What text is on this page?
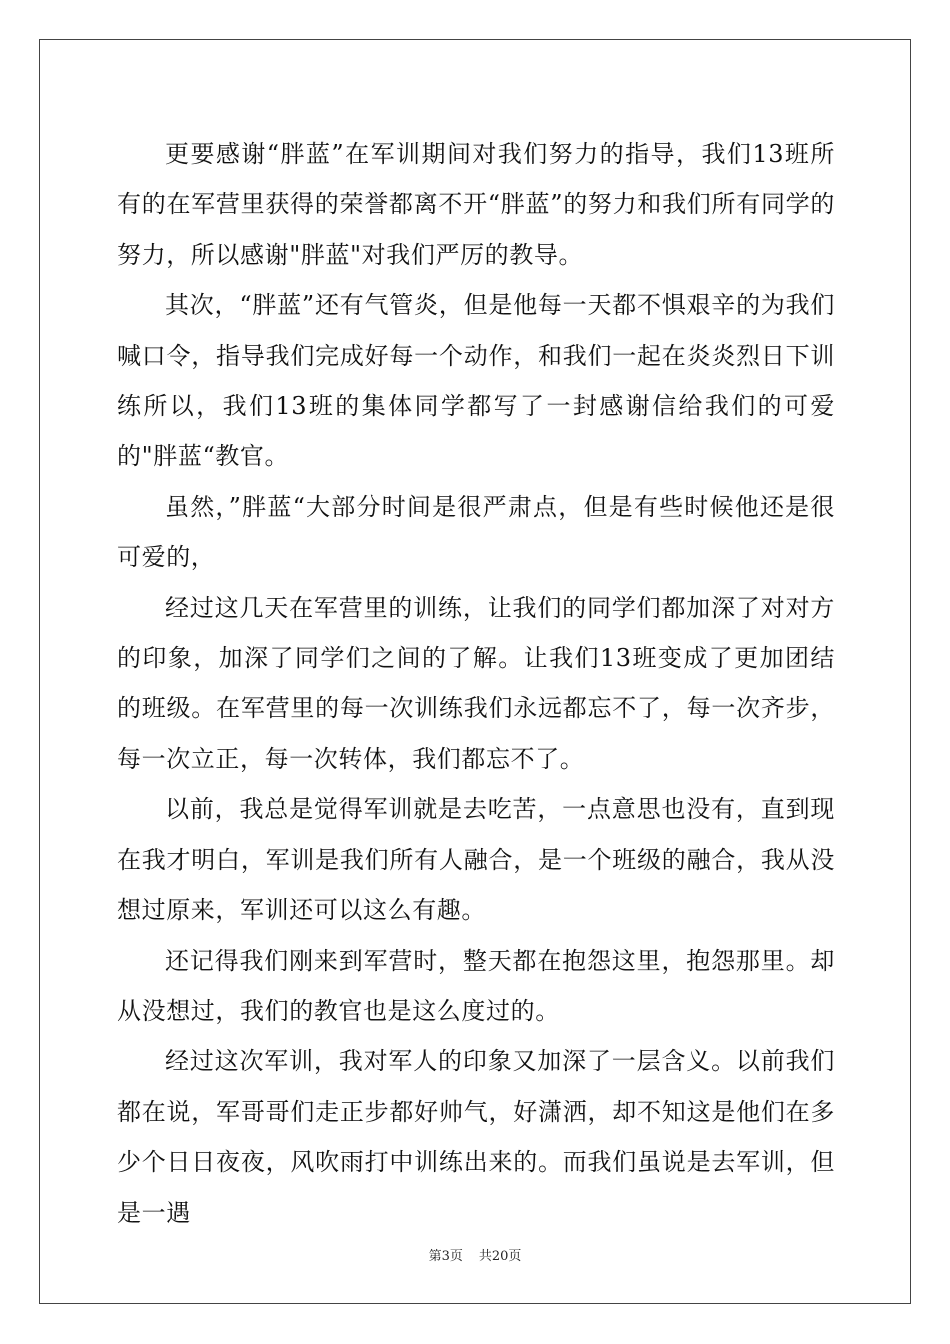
更要感谢“胖蓝”在军训期间对我们努力的指导，我们13班所有的在军营里获得的荣誉都离不开“胖蓝”的努力和我们所有同学的努力，所以感谢"胖蓝"对我们严厉的教导。

其次，“胖蓝”还有气管炎，但是他每一天都不惧艰辛的为我们喊口令，指导我们完成好每一个动作，和我们一起在炎炎烈日下训练所以，我们13班的集体同学都写了一封感谢信给我们的可爱的"胖蓝“教官。

虽然，”胖蓝“大部分时间是很严肃点，但是有些时候他还是很可爱的，

经过这几天在军营里的训练，让我们的同学们都加深了对对方的印象，加深了同学们之间的了解。让我们13班变成了更加团结的班级。在军营里的每一次训练我们永远都忘不了，每一次齐步，每一次立正，每一次转体，我们都忘不了。

以前，我总是觉得军训就是去吃苦，一点意思也没有，直到现在我才明白，军训是我们所有人融合，是一个班级的融合，我从没想过原来，军训还可以这么有趣。

还记得我们刚来到军营时，整天都在抱怨这里，抱怨那里。却从没想过，我们的教官也是这么度过的。

经过这次军训，我对军人的印象又加深了一层含义。以前我们都在说，军哥哥们走正步都好帅气，好潇洒，却不知这是他们在多少个日日夜夜，风吹雨打中训练出来的。而我们虽说是去军训，但是一遇

第3页 共20页
